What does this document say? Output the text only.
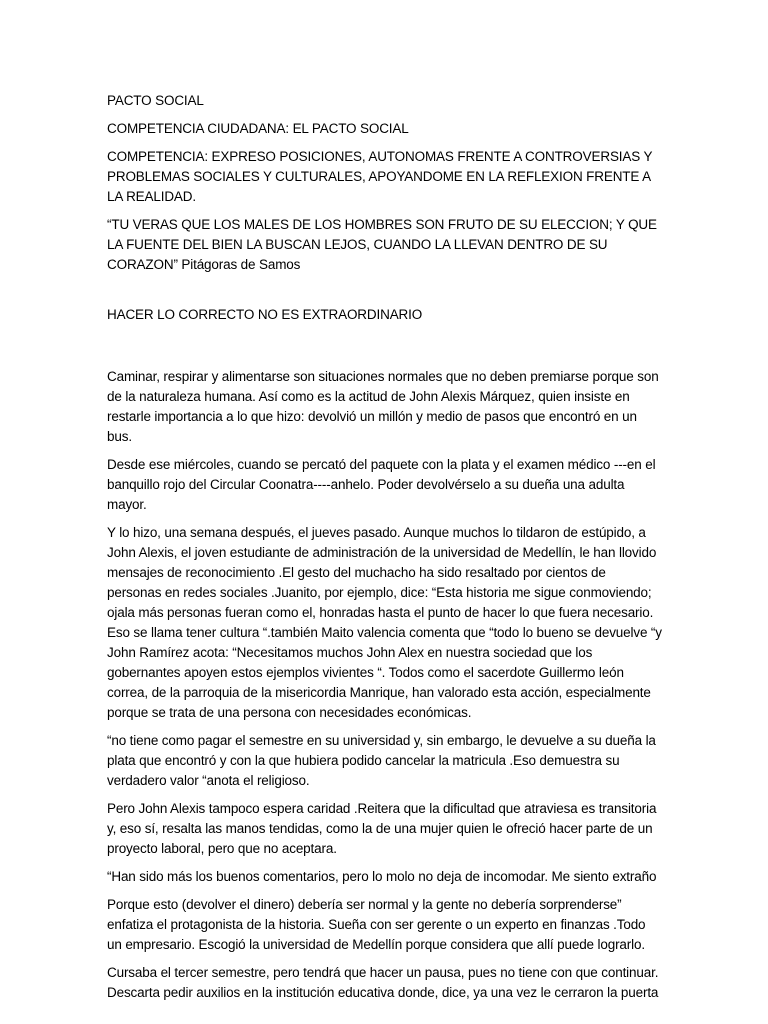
PACTO SOCIAL

COMPETENCIA CIUDADANA: EL PACTO SOCIAL

COMPETENCIA: EXPRESO POSICIONES, AUTONOMAS FRENTE A CONTROVERSIAS Y PROBLEMAS SOCIALES Y CULTURALES, APOYANDOME EN LA REFLEXION FRENTE A LA REALIDAD.

“TU VERAS QUE LOS MALES DE LOS HOMBRES SON FRUTO DE SU ELECCION; Y QUE LA FUENTE DEL BIEN LA BUSCAN LEJOS, CUANDO LA LLEVAN DENTRO DE SU CORAZON” Pitágoras de Samos

HACER LO CORRECTO NO ES EXTRAORDINARIO

Caminar, respirar y alimentarse son situaciones normales que no deben premiarse porque son de la naturaleza humana. Así como es la actitud de John Alexis Márquez, quien insiste en restarle importancia a lo que hizo: devolvió un millón y medio de pasos que encontró en un bus.

Desde ese miércoles, cuando se percató del paquete con la plata y el examen médico ---en el banquillo rojo del Circular Coonatra----anhelo. Poder devolvérselo a su dueña una adulta mayor.

Y lo hizo, una semana después, el jueves pasado. Aunque muchos lo tildaron de estúpido, a John Alexis, el joven estudiante de administración de la universidad de Medellín, le han llovido mensajes de reconocimiento .El gesto del muchacho ha sido resaltado por cientos de personas en redes sociales .Juanito, por ejemplo, dice: “Esta historia me sigue conmoviendo; ojala más personas fueran como el, honradas hasta el punto de hacer lo que fuera necesario. Eso se llama tener cultura “.también Maito valencia comenta que “todo lo bueno se devuelve “y John Ramírez acota: “Necesitamos muchos John Alex en nuestra sociedad que los gobernantes apoyen estos ejemplos vivientes “. Todos como el sacerdote Guillermo león correa, de la parroquia de la misericordia Manrique, han valorado esta acción, especialmente porque se trata de una persona con necesidades económicas.

“no tiene como pagar el semestre en su universidad y, sin embargo, le devuelve a su dueña la plata que encontró y con la que hubiera podido cancelar la matricula .Eso demuestra su verdadero valor “anota el religioso.

Pero John Alexis tampoco espera caridad .Reitera que la dificultad que atraviesa es transitoria y, eso sí, resalta las manos tendidas, como la de una mujer quien le ofreció hacer parte de un proyecto laboral, pero que no aceptara.

“Han sido más los buenos comentarios, pero lo molo no deja de incomodar. Me siento extraño

Porque esto (devolver el dinero) debería ser normal y la gente no debería sorprenderse” enfatiza el protagonista de la historia. Sueña con ser gerente o un experto en finanzas .Todo un empresario. Escogió la universidad de Medellín porque considera que allí puede lograrlo.

Cursaba el tercer semestre, pero tendrá que hacer un pausa, pues no tiene con que continuar. Descarta pedir auxilios en la institución educativa donde, dice, ya una vez le cerraron la puerta
